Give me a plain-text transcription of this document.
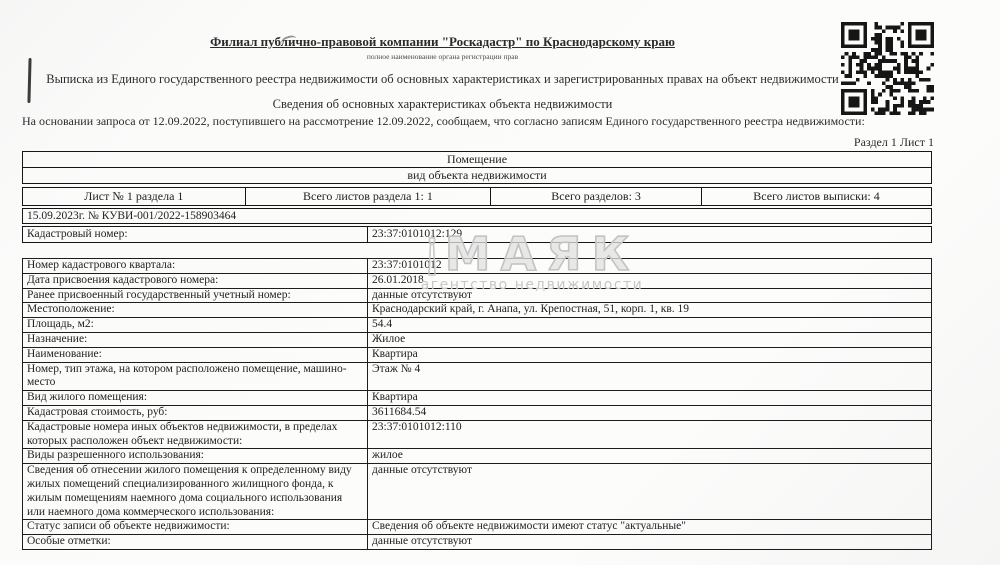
Филиал публично-правовой компании "Роскадастр" по Краснодарскому краю
полное наименование органа регистрации прав
Выписка из Единого государственного реестра недвижимости об основных характеристиках и зарегистрированных правах на объект недвижимости
Сведения об основных характеристиках объекта недвижимости
На основании запроса от 12.09.2022, поступившего на рассмотрение 12.09.2022, сообщаем, что согласно записям Единого государственного реестра недвижимости:
Раздел 1 Лист 1
Помещение
вид объекта недвижимости
Лист № 1 раздела 1	Всего листов раздела 1: 1	Всего разделов: 3	Всего листов выписки: 4
15.09.2023г. № КУВИ-001/2022-158903464
Кадастровый номер:	23:37:0101012:129
Номер кадастрового квартала:	23:37:0101012
Дата присвоения кадастрового номера:	26.01.2018
Ранее присвоенный государственный учетный номер:	данные отсутствуют
Местоположение:	Краснодарский край, г. Анапа, ул. Крепостная, 51, корп. 1, кв. 19
Площадь, м2:	54.4
Назначение:	Жилое
Наименование:	Квартира
Номер, тип этажа, на котором расположено помещение, машино-место	Этаж № 4
Вид жилого помещения:	Квартира
Кадастровая стоимость, руб:	3611684.54
Кадастровые номера иных объектов недвижимости, в пределах которых расположен объект недвижимости:	23:37:0101012:110
Виды разрешенного использования:	жилое
Сведения об отнесении жилого помещения к определенному виду жилых помещений специализированного жилищного фонда, к жилым помещениям наемного дома социального использования или наемного дома коммерческого использования:	данные отсутствуют
Статус записи об объекте недвижимости:	Сведения об объекте недвижимости имеют статус "актуальные"
Особые отметки:	данные отсутствуют
МАЯК
агентство недвижимости
